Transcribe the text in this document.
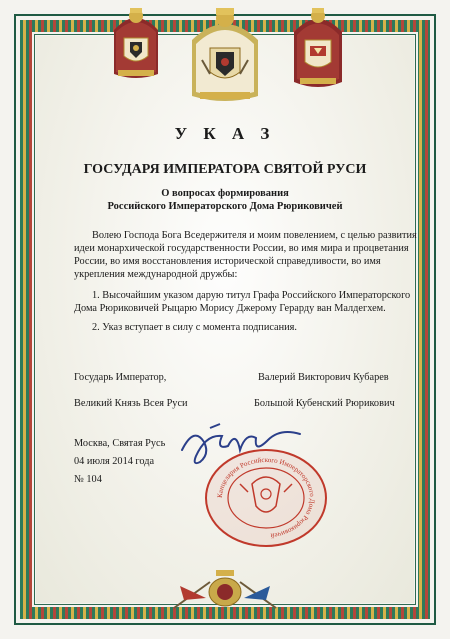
У К А З
ГОСУДАРЯ ИМПЕРАТОРА СВЯТОЙ РУСИ
О вопросах формирования
Российского Императорского Дома Рюриковичей
Волею Господа Бога Вседержителя и моим повелением, с целью развития
идеи монархической государственности России, во имя мира и процветания
России, во имя восстановления исторической справедливости, во имя
укрепления международной дружбы:
1. Высочайшим указом дарую титул Графа Российского Императорского
Дома Рюриковичей Рыцарю Морису Джерому Герарду ван Малдегхем.
2. Указ вступает в силу с момента подписания.
Государь Император,
Великий Князь Всея Руси
Валерий Викторович Кубарев
Большой Кубенский Рюрикович
Москва, Святая Русь
04 июля 2014 года
№ 104
Канцелярия Российского Императорского Дома Рюриковичей
